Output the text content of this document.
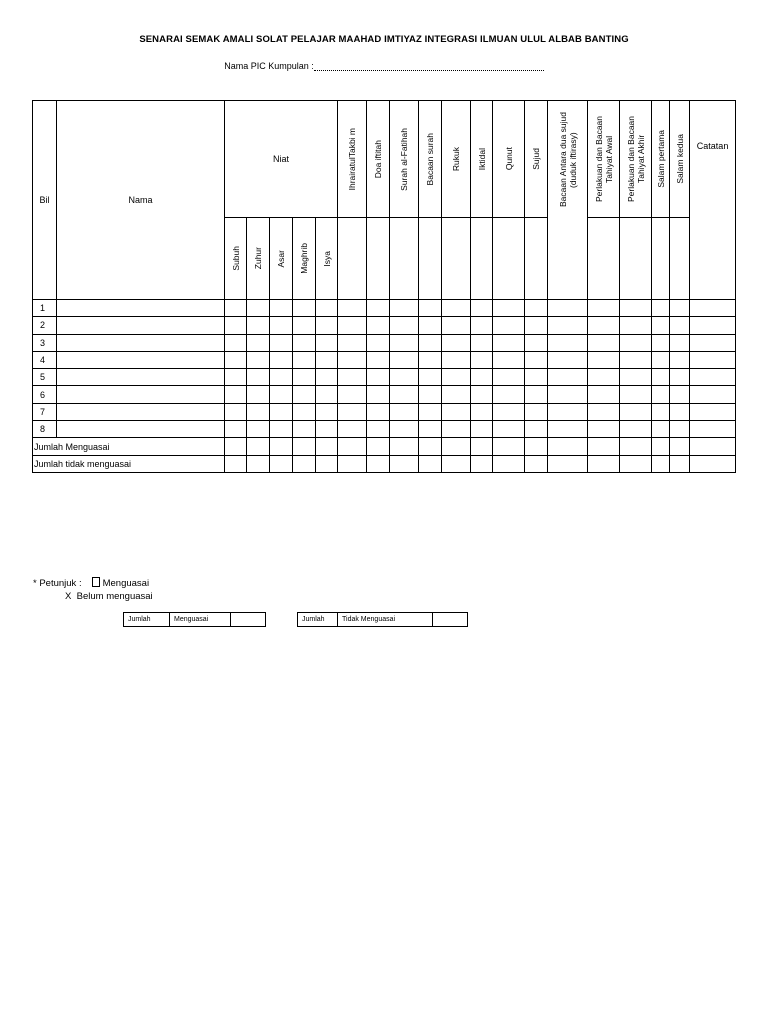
SENARAI SEMAK AMALI SOLAT PELAJAR MAAHAD IMTIYAZ INTEGRASI ILMUAN ULUL ALBAB BANTING
Nama PIC Kumpulan :
Bil	Nama	Niat					IhrairatulTakbi m	Doa iftitah	Surah al-Fatihah	Bacaan surah	Rukuk	Iktidal	Qunut	Sujud	Bacaan Antara dua sujud (duduk iftirasy)	Perlakuan dan Bacaan Tahiyat Awal	Perlakuan dan Bacaan Tahiyat Akhir	Salam pertama	Salam kedua	Catatan

		Subuh	Zuhur	Asar	Maghrib	Isya														

1																				
2																				
3																				
4																				
5																				
6																				
7																				
8																				
Jumlah Menguasai																				
Jumlah tidak menguasai																				
* Petunjuk : Menguasai
X Belum menguasai
Jumlah	Menguasai		Jumlah	Tidak Menguasai	
